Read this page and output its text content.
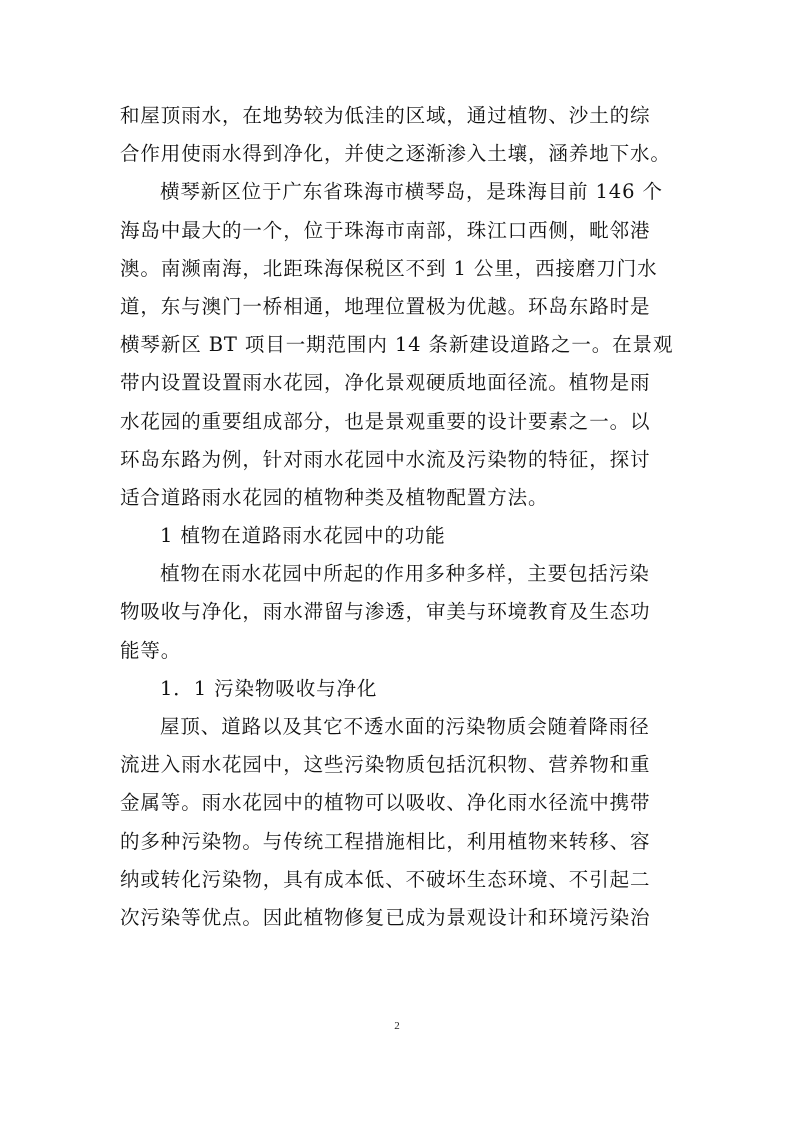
和屋顶雨水，在地势较为低洼的区域，通过植物、沙土的综
合作用使雨水得到净化，并使之逐渐渗入土壤，涵养地下水。
横琴新区位于广东省珠海市横琴岛，是珠海目前 146 个
海岛中最大的一个，位于珠海市南部，珠江口西侧，毗邻港
澳。南濒南海，北距珠海保税区不到 1 公里，西接磨刀门水
道，东与澳门一桥相通，地理位置极为优越。环岛东路时是
横琴新区 BT 项目一期范围内 14 条新建设道路之一。在景观
带内设置设置雨水花园，净化景观硬质地面径流。植物是雨
水花园的重要组成部分，也是景观重要的设计要素之一。以
环岛东路为例，针对雨水花园中水流及污染物的特征，探讨
适合道路雨水花园的植物种类及植物配置方法。
1 植物在道路雨水花园中的功能
植物在雨水花园中所起的作用多种多样，主要包括污染
物吸收与净化，雨水滞留与渗透，审美与环境教育及生态功
能等。
1．1 污染物吸收与净化
屋顶、道路以及其它不透水面的污染物质会随着降雨径
流进入雨水花园中，这些污染物质包括沉积物、营养物和重
金属等。雨水花园中的植物可以吸收、净化雨水径流中携带
的多种污染物。与传统工程措施相比，利用植物来转移、容
纳或转化污染物，具有成本低、不破坏生态环境、不引起二
次污染等优点。因此植物修复已成为景观设计和环境污染治
2
